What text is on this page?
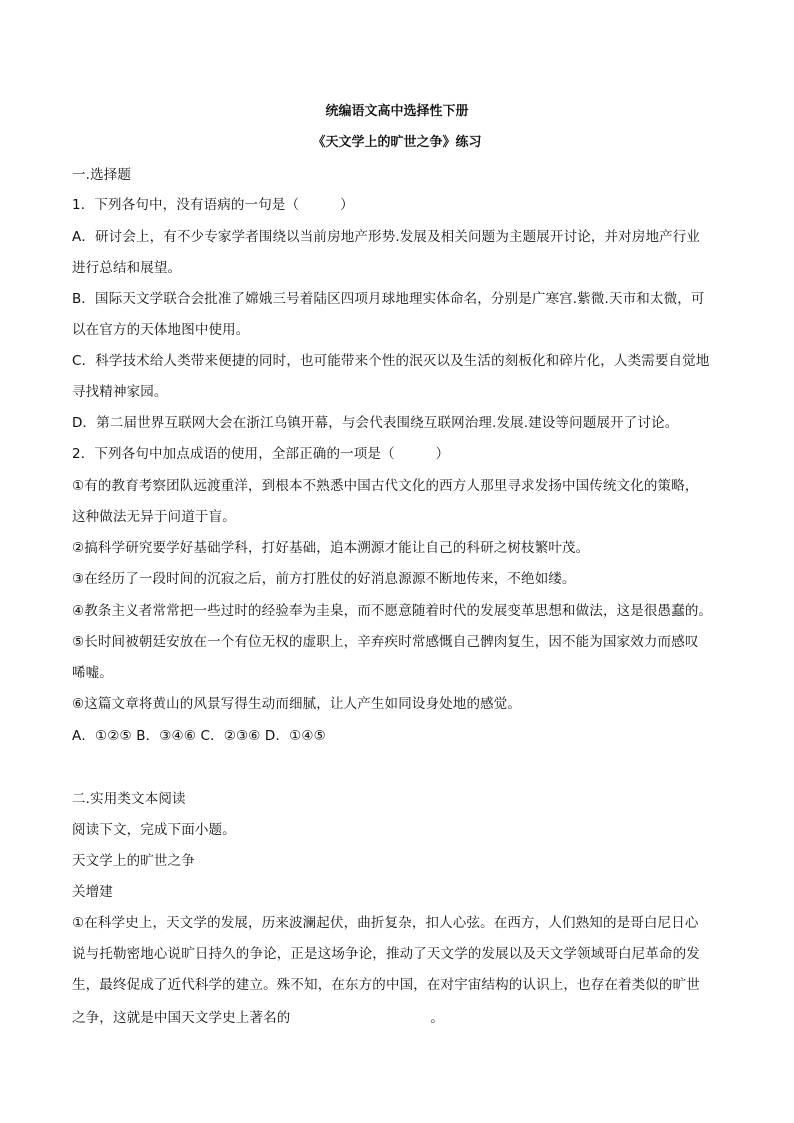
统编语文高中选择性下册
《天文学上的旷世之争》练习
一.选择题
1．下列各句中，没有语病的一句是（　　　）
A．研讨会上，有不少专家学者围绕以当前房地产形势.发展及相关问题为主题展开讨论，并对房地产行业
进行总结和展望。
B．国际天文学联合会批准了嫦娥三号着陆区四项月球地理实体命名，分别是广寒宫.紫微.天市和太微，可
以在官方的天体地图中使用。
C．科学技术给人类带来便捷的同时，也可能带来个性的泯灭以及生活的刻板化和碎片化，人类需要自觉地
寻找精神家园。
D．第二届世界互联网大会在浙江乌镇开幕，与会代表围绕互联网治理.发展.建设等问题展开了讨论。
2．下列各句中加点成语的使用，全部正确的一项是（　　　）
①有的教育考察团队远渡重洋，到根本不熟悉中国古代文化的西方人那里寻求发扬中国传统文化的策略，
这种做法无异于问道于盲。
②搞科学研究要学好基础学科，打好基础，追本溯源才能让自己的科研之树枝繁叶茂。
③在经历了一段时间的沉寂之后，前方打胜仗的好消息源源不断地传来，不绝如缕。
④教条主义者常常把一些过时的经验奉为圭臬，而不愿意随着时代的发展变革思想和做法，这是很愚蠢的。
⑤长时间被朝廷安放在一个有位无权的虚职上，辛弃疾时常感慨自己髀肉复生，因不能为国家效力而感叹
唏嘘。
⑥这篇文章将黄山的风景写得生动而细腻，让人产生如同设身处地的感觉。
A．①②⑤ B．③④⑥ C．②③⑥ D．①④⑤
二.实用类文本阅读
阅读下文，完成下面小题。
天文学上的旷世之争
关增建
①在科学史上，天文学的发展，历来波澜起伏，曲折复杂，扣人心弦。在西方，人们熟知的是哥白尼日心
说与托勒密地心说旷日持久的争论，正是这场争论，推动了天文学的发展以及天文学领域哥白尼革命的发
生，最终促成了近代科学的建立。殊不知，在东方的中国，在对宇宙结构的认识上，也存在着类似的旷世
之争，这就是中国天文学史上著名的	。
